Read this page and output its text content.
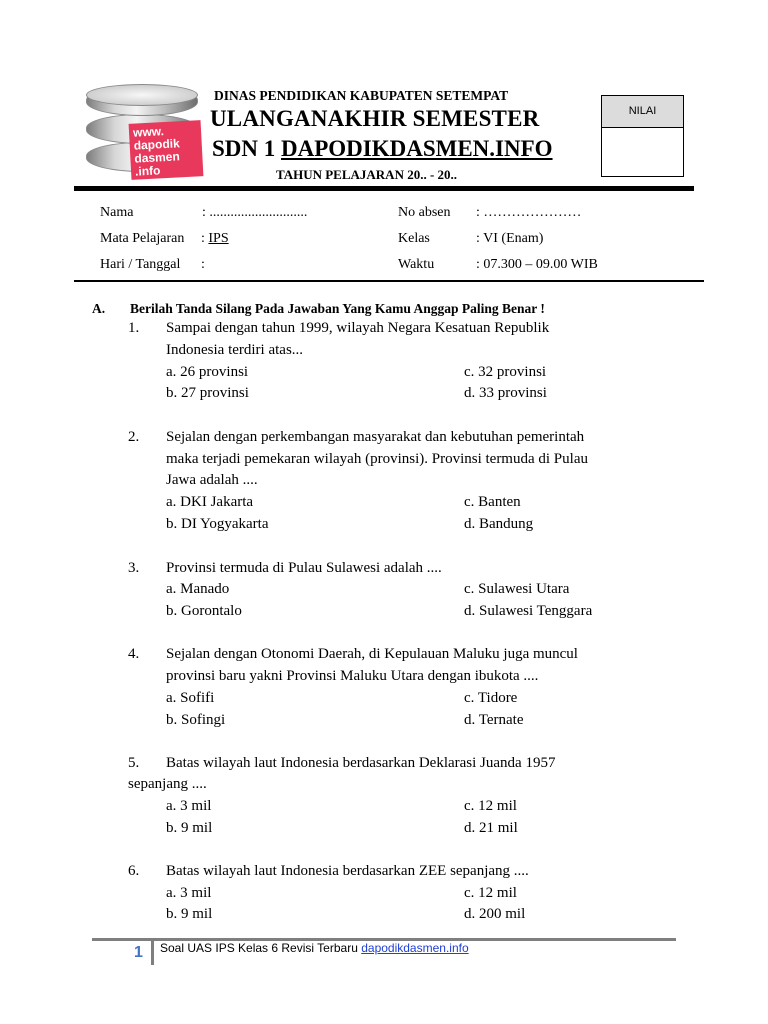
www.
dapodik
dasmen
.info
DINAS PENDIDIKAN KABUPATEN SETEMPAT
ULANGANAKHIR SEMESTER
SDN 1 DAPODIKDASMEN.INFO
TAHUN PELAJARAN 20.. - 20..
NILAI
Nama	: ............................	No absen : …………………
Mata Pelajaran : IPS	Kelas	: VI (Enam)
Hari / Tanggal :	Waktu	: 07.300 – 09.00 WIB
A. Berilah Tanda Silang Pada Jawaban Yang Kamu Anggap Paling Benar !
1. Sampai dengan tahun 1999, wilayah Negara Kesatuan Republik
Indonesia terdiri atas...
a. 26 provinsi	c. 32 provinsi
b. 27 provinsi	d. 33 provinsi
2. Sejalan dengan perkembangan masyarakat dan kebutuhan pemerintah
maka terjadi pemekaran wilayah (provinsi). Provinsi termuda di Pulau
Jawa adalah ....
a. DKI Jakarta	c. Banten
b. DI Yogyakarta	d. Bandung
3. Provinsi termuda di Pulau Sulawesi adalah ....
a. Manado	c. Sulawesi Utara
b. Gorontalo	d. Sulawesi Tenggara
4. Sejalan dengan Otonomi Daerah, di Kepulauan Maluku juga muncul
provinsi baru yakni Provinsi Maluku Utara dengan ibukota ....
a. Sofifi	c. Tidore
b. Sofingi	d. Ternate
5. Batas wilayah laut Indonesia berdasarkan Deklarasi Juanda 1957
sepanjang ....
a. 3 mil	c. 12 mil
b. 9 mil	d. 21 mil
6. Batas wilayah laut Indonesia berdasarkan ZEE sepanjang ....
a. 3 mil	c. 12 mil
b. 9 mil	d. 200 mil
1 Soal UAS IPS Kelas 6 Revisi Terbaru dapodikdasmen.info
